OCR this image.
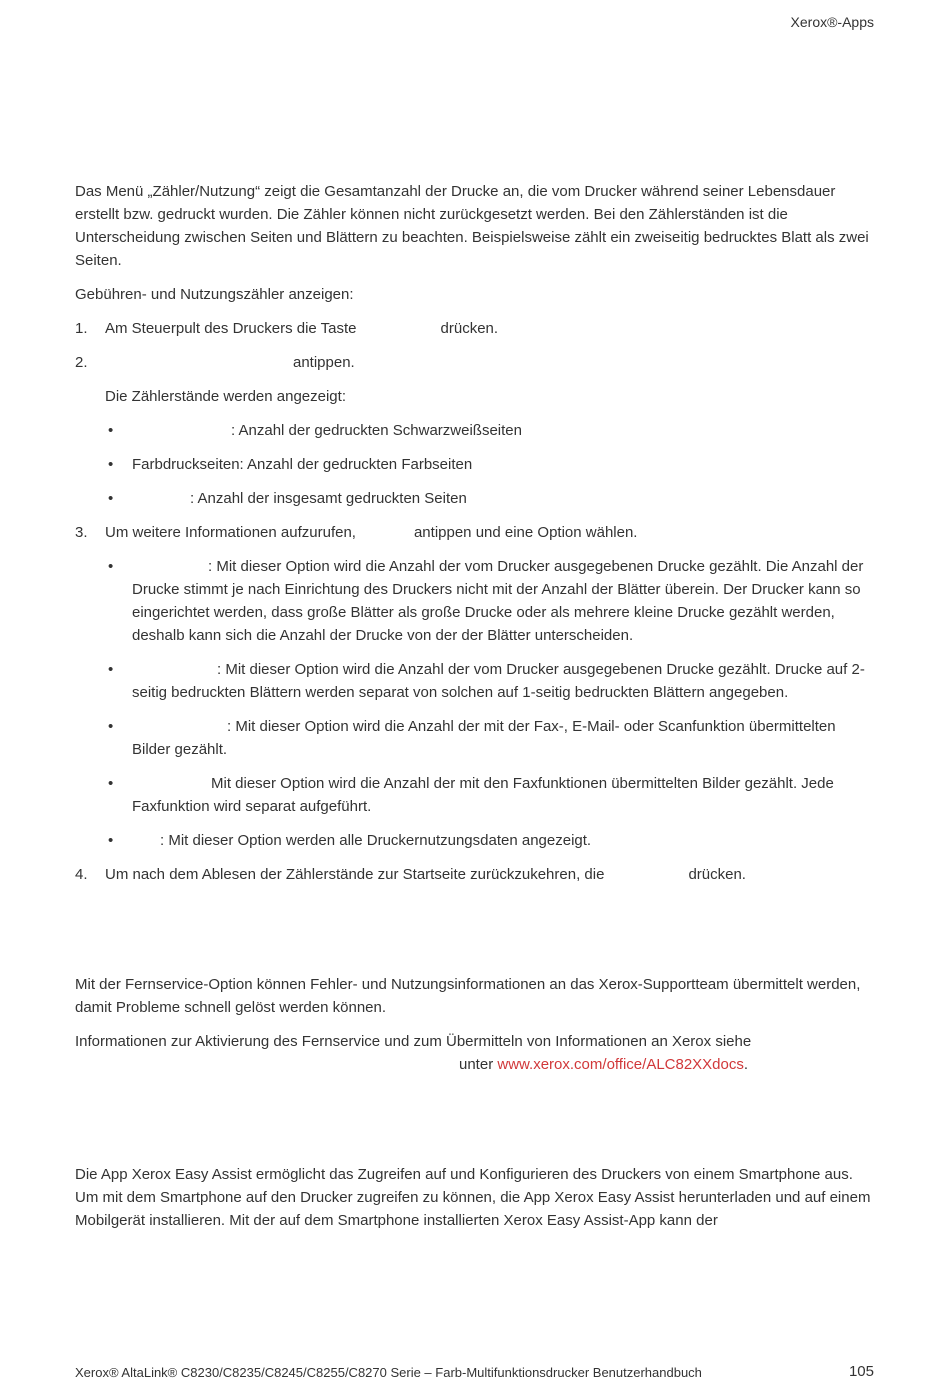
Xerox®-Apps

Das Menü „Zähler/Nutzung“ zeigt die Gesamtanzahl der Drucke an, die vom Drucker während seiner Lebensdauer erstellt bzw. gedruckt wurden. Die Zähler können nicht zurückgesetzt werden. Bei den Zählerständen ist die Unterscheidung zwischen Seiten und Blättern zu beachten. Beispielsweise zählt ein zweiseitig bedrucktes Blatt als zwei Seiten.

Gebühren- und Nutzungszähler anzeigen:

1. Am Steuerpult des Druckers die Taste	drücken.
2.	antippen.
Die Zählerstände werden angezeigt:
•	: Anzahl der gedruckten Schwarzweißseiten
• Farbdruckseiten: Anzahl der gedruckten Farbseiten
•	: Anzahl der insgesamt gedruckten Seiten
3. Um weitere Informationen aufzurufen,	antippen und eine Option wählen.
•	: Mit dieser Option wird die Anzahl der vom Drucker ausgegebenen Drucke gezählt. Die Anzahl der Drucke stimmt je nach Einrichtung des Druckers nicht mit der Anzahl der Blätter überein. Der Drucker kann so eingerichtet werden, dass große Blätter als große Drucke oder als mehrere kleine Drucke gezählt werden, deshalb kann sich die Anzahl der Drucke von der der Blätter unterscheiden.
•	: Mit dieser Option wird die Anzahl der vom Drucker ausgegebenen Drucke gezählt. Drucke auf 2-seitig bedruckten Blättern werden separat von solchen auf 1-seitig bedruckten Blättern angegeben.
•	: Mit dieser Option wird die Anzahl der mit der Fax-, E-Mail- oder Scanfunktion übermittelten Bilder gezählt.
•	Mit dieser Option wird die Anzahl der mit den Faxfunktionen übermittelten Bilder gezählt. Jede Faxfunktion wird separat aufgeführt.
•	: Mit dieser Option werden alle Druckernutzungsdaten angezeigt.
4. Um nach dem Ablesen der Zählerstände zur Startseite zurückzukehren, die	drücken.

Mit der Fernservice-Option können Fehler- und Nutzungsinformationen an das Xerox-Supportteam übermittelt werden, damit Probleme schnell gelöst werden können.

Informationen zur Aktivierung des Fernservice und zum Übermitteln von Informationen an Xerox siehe
unter www.xerox.com/office/ALC82XXdocs.

Die App Xerox Easy Assist ermöglicht das Zugreifen auf und Konfigurieren des Druckers von einem Smartphone aus. Um mit dem Smartphone auf den Drucker zugreifen zu können, die App Xerox Easy Assist herunterladen und auf einem Mobilgerät installieren. Mit der auf dem Smartphone installierten Xerox Easy Assist-App kann der

Xerox® AltaLink® C8230/C8235/C8245/C8255/C8270 Serie – Farb-Multifunktionsdrucker Benutzerhandbuch	105
